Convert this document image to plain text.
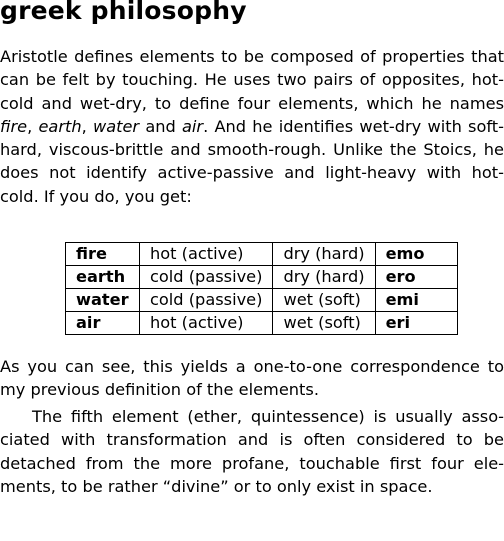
greek philosophy

Aristotle defines elements to be composed of properties that can be felt by touching. He uses two pairs of opposites, hot-cold and wet-dry, to define four elements, which he names fire, earth, water and air. And he identifies wet-dry with soft-hard, viscous-brittle and smooth-rough. Unlike the Stoics, he does not identify active-passive and light-heavy with hot-cold. If you do, you get:

fire	hot (active)	dry (hard)	emo
earth	cold (passive)	dry (hard)	ero
water	cold (passive)	wet (soft)	emi
air	hot (active)	wet (soft)	eri

As you can see, this yields a one-to-one correspondence to my previous definition of the elements.

The fifth element (ether, quintessence) is usually associated with transformation and is often considered to be detached from the more profane, touchable first four elements, to be rather “divine” or to only exist in space.
